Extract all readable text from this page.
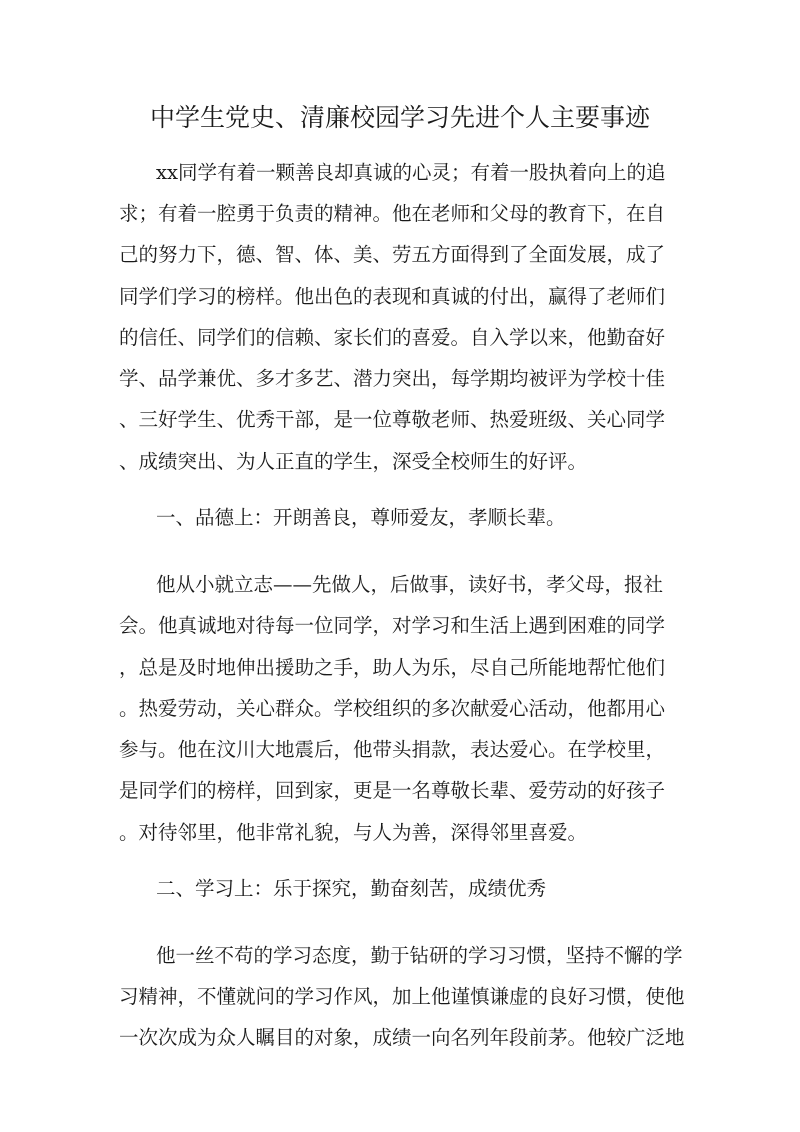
中学生党史、清廉校园学习先进个人主要事迹
xx同学有着一颗善良却真诚的心灵；有着一股执着向上的追
求；有着一腔勇于负责的精神。他在老师和父母的教育下，在自
己的努力下，德、智、体、美、劳五方面得到了全面发展，成了
同学们学习的榜样。他出色的表现和真诚的付出，赢得了老师们
的信任、同学们的信赖、家长们的喜爱。自入学以来，他勤奋好
学、品学兼优、多才多艺、潜力突出，每学期均被评为学校十佳
、三好学生、优秀干部，是一位尊敬老师、热爱班级、关心同学
、成绩突出、为人正直的学生，深受全校师生的好评。
一、品德上：开朗善良，尊师爱友，孝顺长辈。
他从小就立志——先做人，后做事，读好书，孝父母，报社
会。他真诚地对待每一位同学，对学习和生活上遇到困难的同学
，总是及时地伸出援助之手，助人为乐，尽自己所能地帮忙他们
。热爱劳动，关心群众。学校组织的多次献爱心活动，他都用心
参与。他在汶川大地震后，他带头捐款，表达爱心。在学校里，
是同学们的榜样，回到家，更是一名尊敬长辈、爱劳动的好孩子
。对待邻里，他非常礼貌，与人为善，深得邻里喜爱。
二、学习上：乐于探究，勤奋刻苦，成绩优秀
他一丝不苟的学习态度，勤于钻研的学习习惯，坚持不懈的学
习精神，不懂就问的学习作风，加上他谨慎谦虚的良好习惯，使他
一次次成为众人瞩目的对象，成绩一向名列年段前茅。他较广泛地
